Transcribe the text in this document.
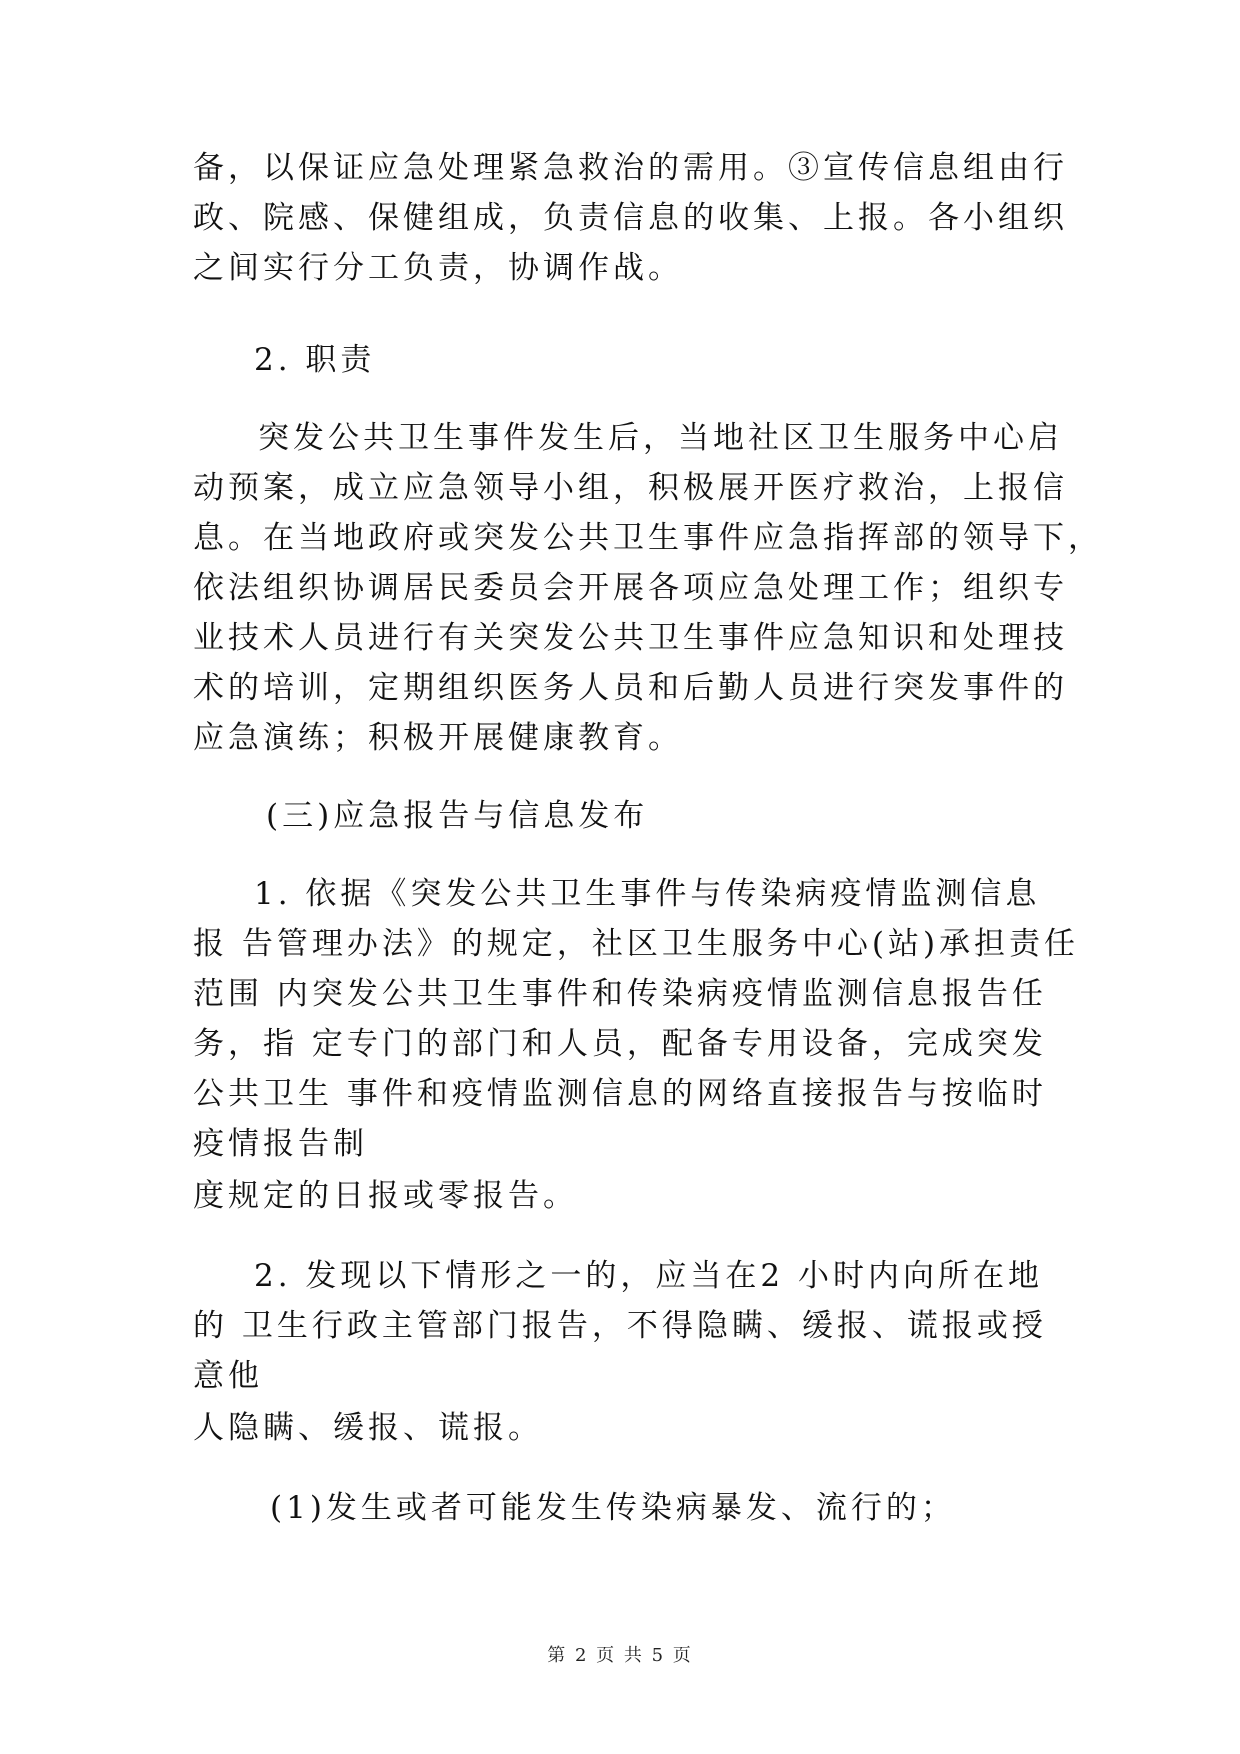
备，以保证应急处理紧急救治的需用。③宣传信息组由行
政、院感、保健组成，负责信息的收集、上报。各小组织
之间实行分工负责，协调作战。
2. 职责
突发公共卫生事件发生后，当地社区卫生服务中心启
动预案，成立应急领导小组，积极展开医疗救治，上报信
息。在当地政府或突发公共卫生事件应急指挥部的领导下，
依法组织协调居民委员会开展各项应急处理工作；组织专
业技术人员进行有关突发公共卫生事件应急知识和处理技
术的培训，定期组织医务人员和后勤人员进行突发事件的
应急演练；积极开展健康教育。
(三)应急报告与信息发布
1. 依据《突发公共卫生事件与传染病疫情监测信息
报 告管理办法》的规定，社区卫生服务中心(站)承担责任
范围 内突发公共卫生事件和传染病疫情监测信息报告任
务，指 定专门的部门和人员，配备专用设备，完成突发
公共卫生 事件和疫情监测信息的网络直接报告与按临时
疫情报告制
度规定的日报或零报告。
2. 发现以下情形之一的，应当在2 小时内向所在地
的 卫生行政主管部门报告，不得隐瞒、缓报、谎报或授
意他
人隐瞒、缓报、谎报。
(1)发生或者可能发生传染病暴发、流行的；
第 2 页 共 5 页
